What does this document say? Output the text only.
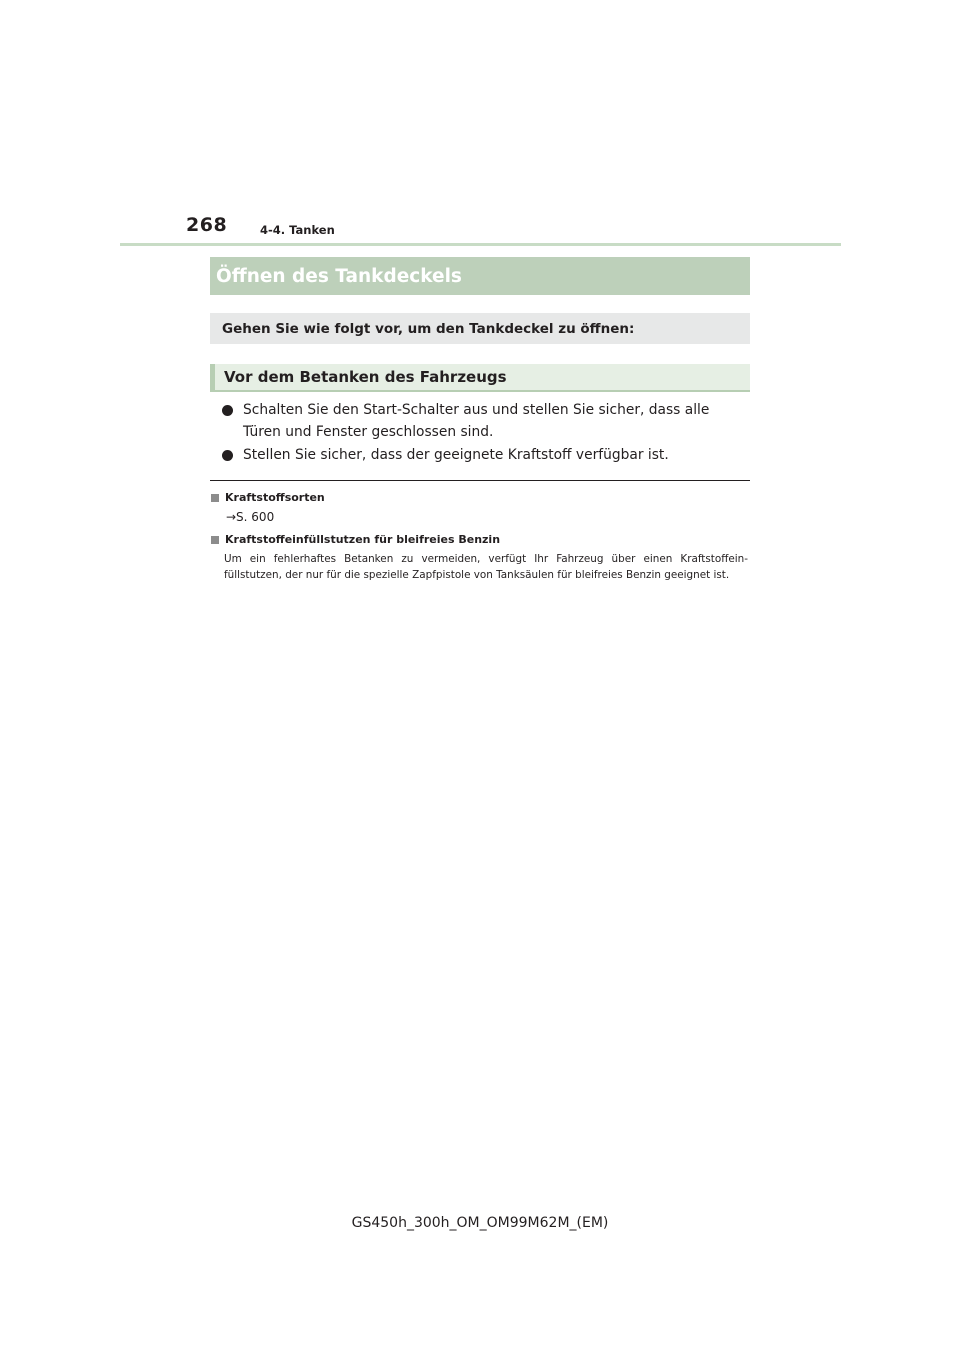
268	4-4. Tanken
Öffnen des Tankdeckels
Gehen Sie wie folgt vor, um den Tankdeckel zu öffnen:
Vor dem Betanken des Fahrzeugs
Schalten Sie den Start-Schalter aus und stellen Sie sicher, dass alle Türen und Fenster geschlossen sind.
Stellen Sie sicher, dass der geeignete Kraftstoff verfügbar ist.
Kraftstoffsorten
→S. 600
Kraftstoffeinfüllstutzen für bleifreies Benzin
Um ein fehlerhaftes Betanken zu vermeiden, verfügt Ihr Fahrzeug über einen Kraftstoffein-füllstutzen, der nur für die spezielle Zapfpistole von Tanksäulen für bleifreies Benzin geeignet ist.
GS450h_300h_OM_OM99M62M_(EM)
